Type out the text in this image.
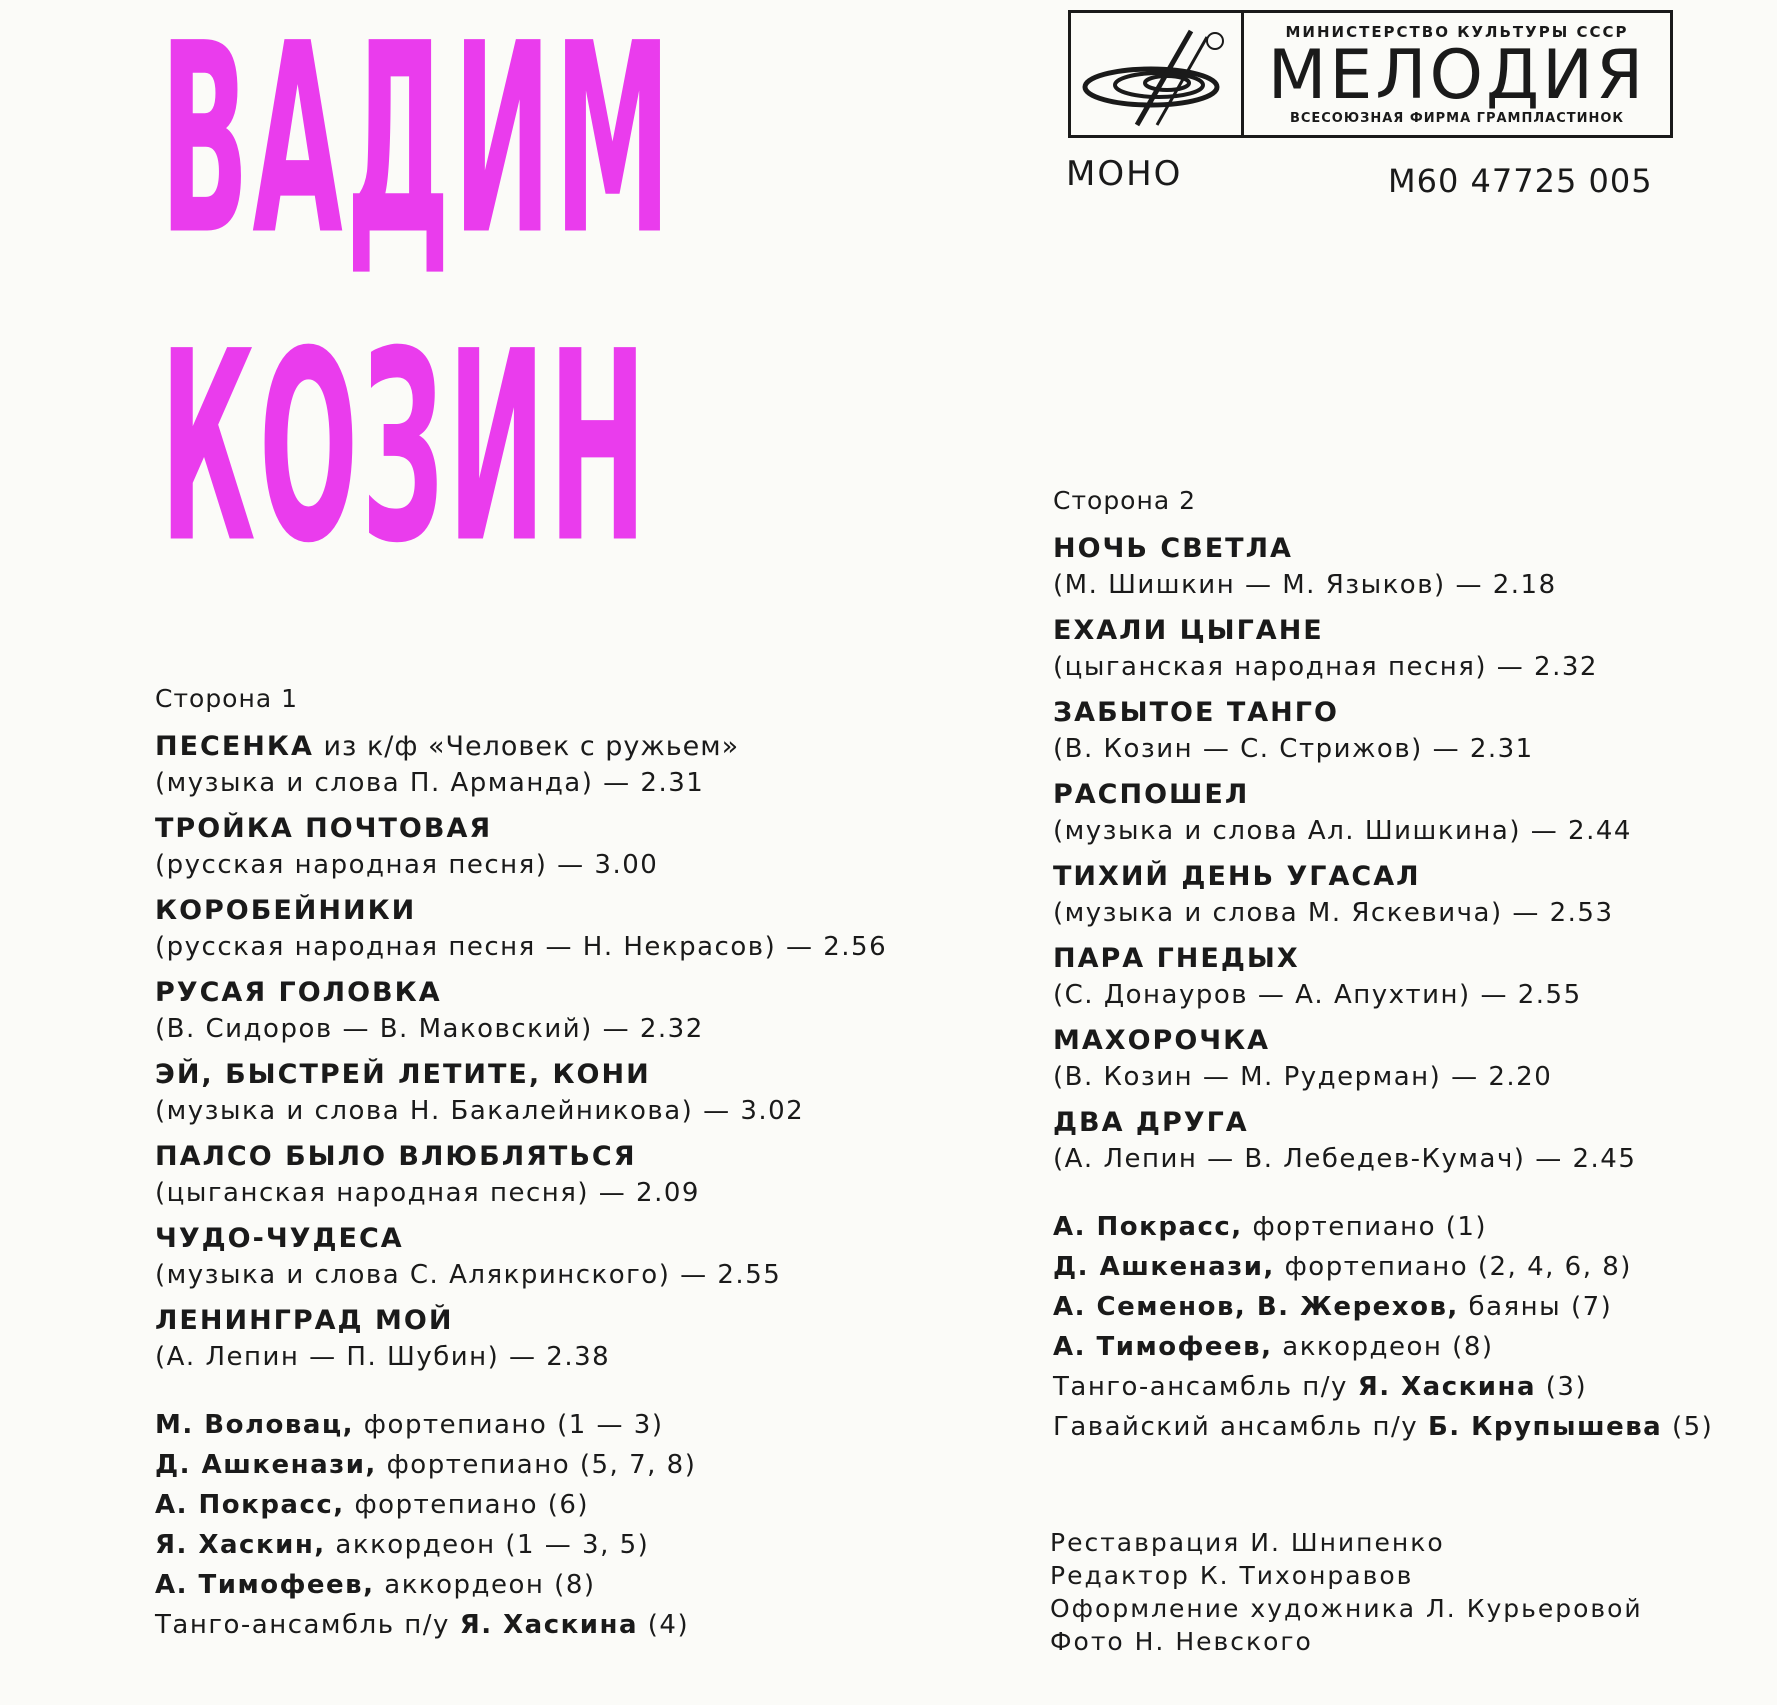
ВАДИМ
КОЗИН
МИНИСТЕРСТВО КУЛЬТУРЫ СССР
МЕЛОДИЯ
ВСЕСОЮЗНАЯ ФИРМА ГРАМПЛАСТИНОК
МОНО	М60 47725 005
Сторона 1
ПЕСЕНКА из к/ф «Человек с ружьем»
(музыка и слова П. Арманда) — 2.31
ТРОЙКА ПОЧТОВАЯ
(русская народная песня) — 3.00
КОРОБЕЙНИКИ
(русская народная песня — Н. Некрасов) — 2.56
РУСАЯ ГОЛОВКА
(В. Сидоров — В. Маковский) — 2.32
ЭЙ, БЫСТРЕЙ ЛЕТИТЕ, КОНИ
(музыка и слова Н. Бакалейникова) — 3.02
ПАЛСО БЫЛО ВЛЮБЛЯТЬСЯ
(цыганская народная песня) — 2.09
ЧУДО-ЧУДЕСА
(музыка и слова С. Алякринского) — 2.55
ЛЕНИНГРАД МОЙ
(А. Лепин — П. Шубин) — 2.38
М. Воловац, фортепиано (1 — 3)
Д. Ашкенази, фортепиано (5, 7, 8)
А. Покрасс, фортепиано (6)
Я. Хаскин, аккордеон (1 — 3, 5)
А. Тимофеев, аккордеон (8)
Танго-ансамбль п/у Я. Хаскина (4)
Сторона 2
НОЧЬ СВЕТЛА
(М. Шишкин — М. Языков) — 2.18
ЕХАЛИ ЦЫГАНЕ
(цыганская народная песня) — 2.32
ЗАБЫТОЕ ТАНГО
(В. Козин — С. Стрижов) — 2.31
РАСПОШЕЛ
(музыка и слова Ал. Шишкина) — 2.44
ТИХИЙ ДЕНЬ УГАСАЛ
(музыка и слова М. Яскевича) — 2.53
ПАРА ГНЕДЫХ
(С. Донауров — А. Апухтин) — 2.55
МАХОРОЧКА
(В. Козин — М. Рудерман) — 2.20
ДВА ДРУГА
(А. Лепин — В. Лебедев-Кумач) — 2.45
А. Покрасс, фортепиано (1)
Д. Ашкенази, фортепиано (2, 4, 6, 8)
А. Семенов, В. Жерехов, баяны (7)
А. Тимофеев, аккордеон (8)
Танго-ансамбль п/у Я. Хаскина (3)
Гавайский ансамбль п/у Б. Крупышева (5)
Реставрация И. Шнипенко
Редактор К. Тихонравов
Оформление художника Л. Курьеровой
Фото Н. Невского
